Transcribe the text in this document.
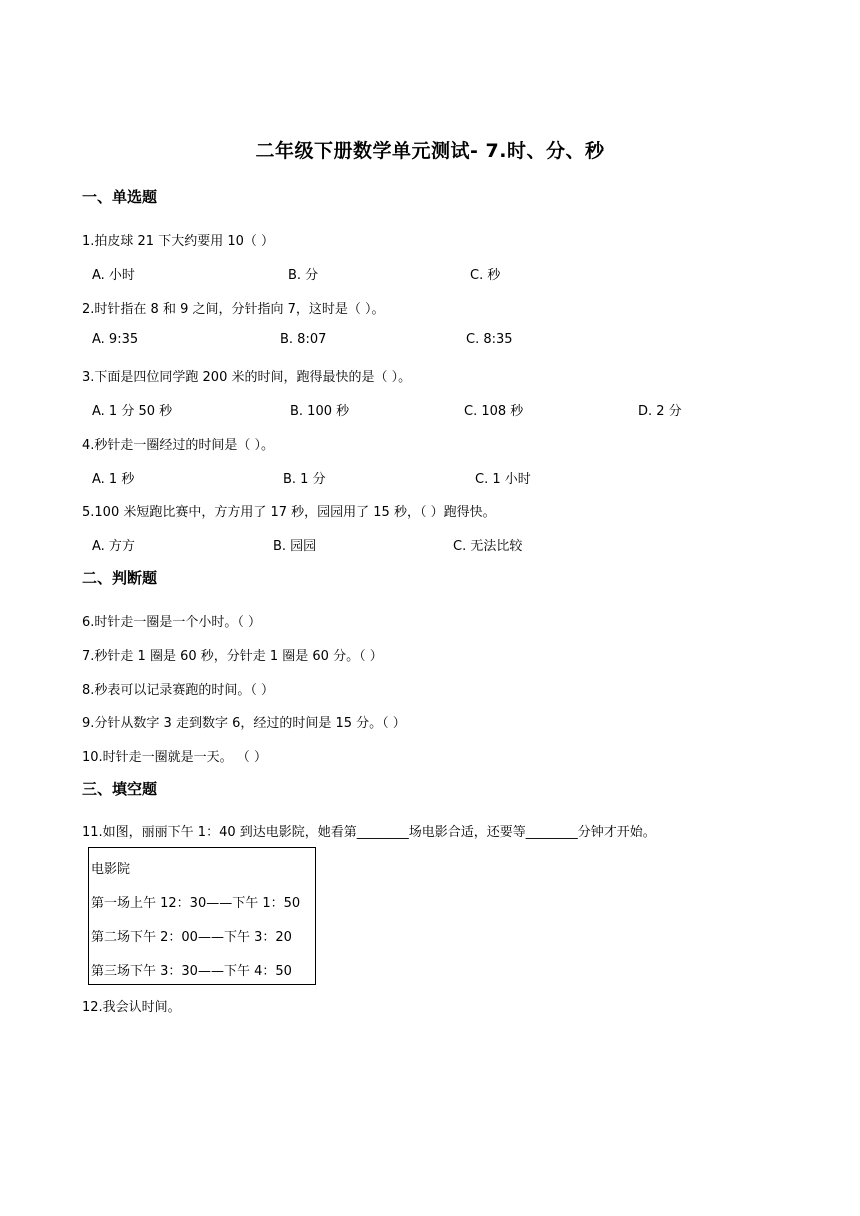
二年级下册数学单元测试- 7.时、分、秒
一、单选题
1.拍皮球 21 下大约要用 10（ ）
A. 小时	B. 分	C. 秒
2.时针指在 8 和 9 之间，分针指向 7，这时是（ ）。
A. 9:35	B. 8:07	C. 8:35
3.下面是四位同学跑 200 米的时间，跑得最快的是（ ）。
A. 1 分 50 秒	B. 100 秒	C. 108 秒	D. 2 分
4.秒针走一圈经过的时间是（ ）。
A. 1 秒	B. 1 分	C. 1 小时
5.100 米短跑比赛中，方方用了 17 秒，园园用了 15 秒，（ ）跑得快。
A. 方方	B. 园园	C. 无法比较
二、判断题
6.时针走一圈是一个小时。（ ）
7.秒针走 1 圈是 60 秒，分针走 1 圈是 60 分。（ ）
8.秒表可以记录赛跑的时间。（ ）
9.分针从数字 3 走到数字 6，经过的时间是 15 分。（ ）
10.时针走一圈就是一天。 （ ）
三、填空题
11.如图，丽丽下午 1：40 到达电影院，她看第________场电影合适，还要等________分钟才开始。
电影院
第一场上午 12：30——下午 1：50
第二场下午 2：00——下午 3：20
第三场下午 3：30——下午 4：50
12.我会认时间。
